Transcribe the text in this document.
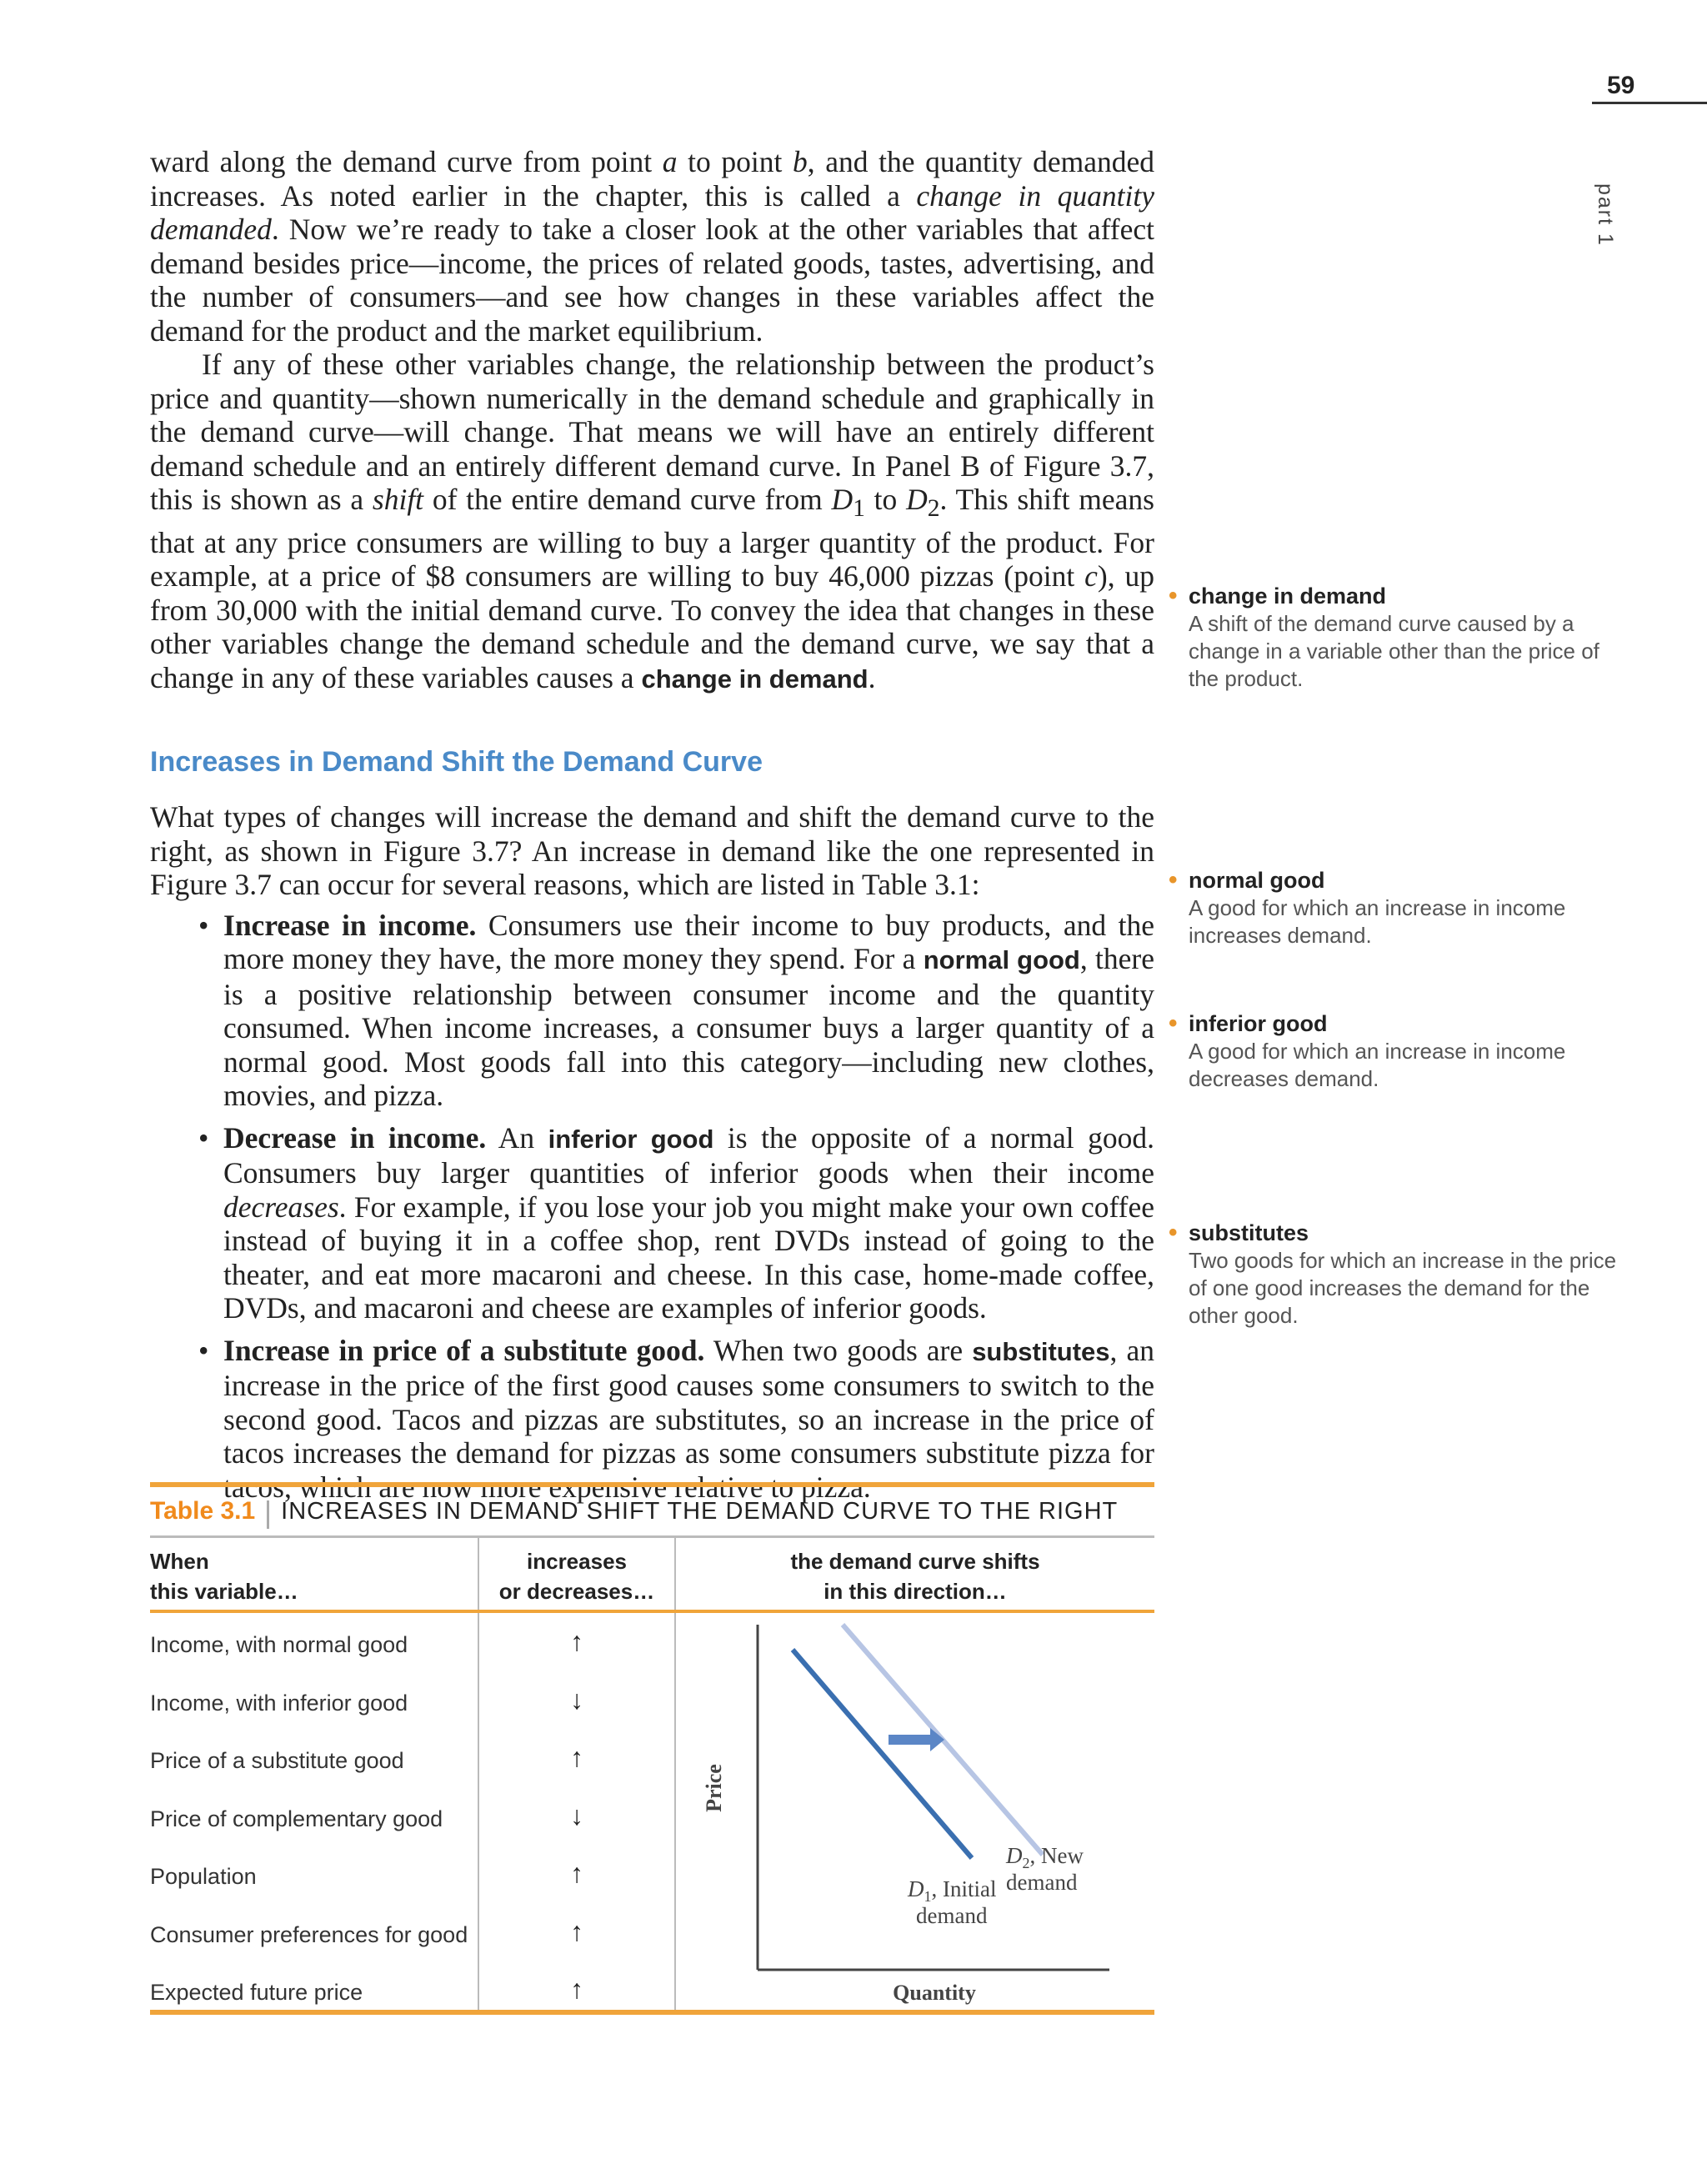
59
part 1

ward along the demand curve from point a to point b, and the quantity demanded increases. As noted earlier in the chapter, this is called a change in quantity demanded. Now we’re ready to take a closer look at the other variables that affect demand besides price—income, the prices of related goods, tastes, advertising, and the number of consumers—and see how changes in these variables affect the demand for the product and the market equilibrium.

If any of these other variables change, the relationship between the product’s price and quantity—shown numerically in the demand schedule and graphically in the demand curve—will change. That means we will have an entirely different demand schedule and an entirely different demand curve. In Panel B of Figure 3.7, this is shown as a shift of the entire demand curve from $D_1$ to $D_2$. This shift means that at any price consumers are willing to buy a larger quantity of the product. For example, at a price of $8 consumers are willing to buy 46,000 pizzas (point c), up from 30,000 with the initial demand curve. To convey the idea that changes in these other variables change the demand schedule and the demand curve, we say that a change in any of these variables causes a change in demand.

Increases in Demand Shift the Demand Curve

What types of changes will increase the demand and shift the demand curve to the right, as shown in Figure 3.7? An increase in demand like the one represented in Figure 3.7 can occur for several reasons, which are listed in Table 3.1:

• Increase in income. Consumers use their income to buy products, and the more money they have, the more money they spend. For a normal good, there is a positive relationship between consumer income and the quantity consumed. When income increases, a consumer buys a larger quantity of a normal good. Most goods fall into this category—including new clothes, movies, and pizza.
• Decrease in income. An inferior good is the opposite of a normal good. Consumers buy larger quantities of inferior goods when their income decreases. For example, if you lose your job you might make your own coffee instead of buying it in a coffee shop, rent DVDs instead of going to the theater, and eat more macaroni and cheese. In this case, home-made coffee, DVDs, and macaroni and cheese are examples of inferior goods.
• Increase in price of a substitute good. When two goods are substitutes, an increase in the price of the first good causes some consumers to switch to the second good. Tacos and pizzas are substitutes, so an increase in the price of tacos increases the demand for pizzas as some consumers substitute pizza for
• change in demand
A shift of the demand curve caused by a change in a variable other than the price of the product.
• normal good
A good for which an increase in income increases demand.
• inferior good
A good for which an increase in income decreases demand.
• substitutes
Two goods for which an increase in the price of one good increases the demand for the other good.
Table 3.1 INCREASES IN DEMAND SHIFT THE DEMAND CURVE TO THE RIGHT
When
this variable…
increases
or decreases…
the demand curve shifts
in this direction…
Income, with normal good
Income, with inferior good
Price of a substitute good
Price of complementary good
Population
Consumer preferences for good
Expected future price
↑
↓
↑
↓
↑
↑
↑
Price
Quantity
$D_2$, New
demand
$D_1$, Initial
demand
